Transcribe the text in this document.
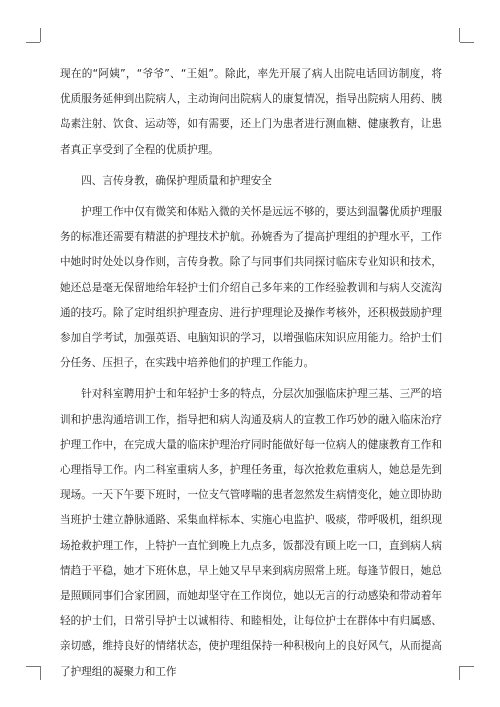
现在的“阿姨”，“爷爷”、“王姐”。除此，率先开展了病人出院电话回访制度，将优质服务延伸到出院病人，主动询问出院病人的康复情况，指导出院病人用药、胰岛素注射、饮食、运动等，如有需要，还上门为患者进行测血糖、健康教育，让患者真正享受到了全程的优质护理。

四、言传身教，确保护理质量和护理安全

护理工作中仅有微笑和体贴入微的关怀是远远不够的，要达到温馨优质护理服务的标准还需要有精湛的护理技术护航。孙婉香为了提高护理组的护理水平，工作中她时时处处以身作则，言传身教。除了与同事们共同探讨临床专业知识和技术，她还总是毫无保留地给年轻护士们介绍自己多年来的工作经验教训和与病人交流沟通的技巧。除了定时组织护理查房、进行护理理论及操作考核外，还积极鼓励护理参加自学考试，加强英语、电脑知识的学习，以增强临床知识应用能力。给护士们分任务、压担子，在实践中培养他们的护理工作能力。

针对科室聘用护士和年轻护士多的特点，分层次加强临床护理三基、三严的培训和护患沟通培训工作，指导把和病人沟通及病人的宣教工作巧妙的融入临床治疗护理工作中，在完成大量的临床护理治疗同时能做好每一位病人的健康教育工作和心理指导工作。内二科室重病人多，护理任务重，每次抢救危重病人，她总是先到现场。一天下午要下班时，一位支气管哮喘的患者忽然发生病情变化，她立即协助当班护士建立静脉通路、采集血样标本、实施心电监护、吸痰，带呼吸机，组织现场抢救护理工作，上特护一直忙到晚上九点多，饭都没有顾上吃一口，直到病人病情趋于平稳，她才下班休息，早上她又早早来到病房照常上班。每逢节假日，她总是照顾同事们合家团圆，而她却坚守在工作岗位，她以无言的行动感染和带动着年轻的护士们，日常引导护士以诚相待、和睦相处，让每位护士在群体中有归属感、亲切感，维持良好的情绪状态，使护理组保持一种积极向上的良好风气，从而提高了护理组的凝聚力和工作
